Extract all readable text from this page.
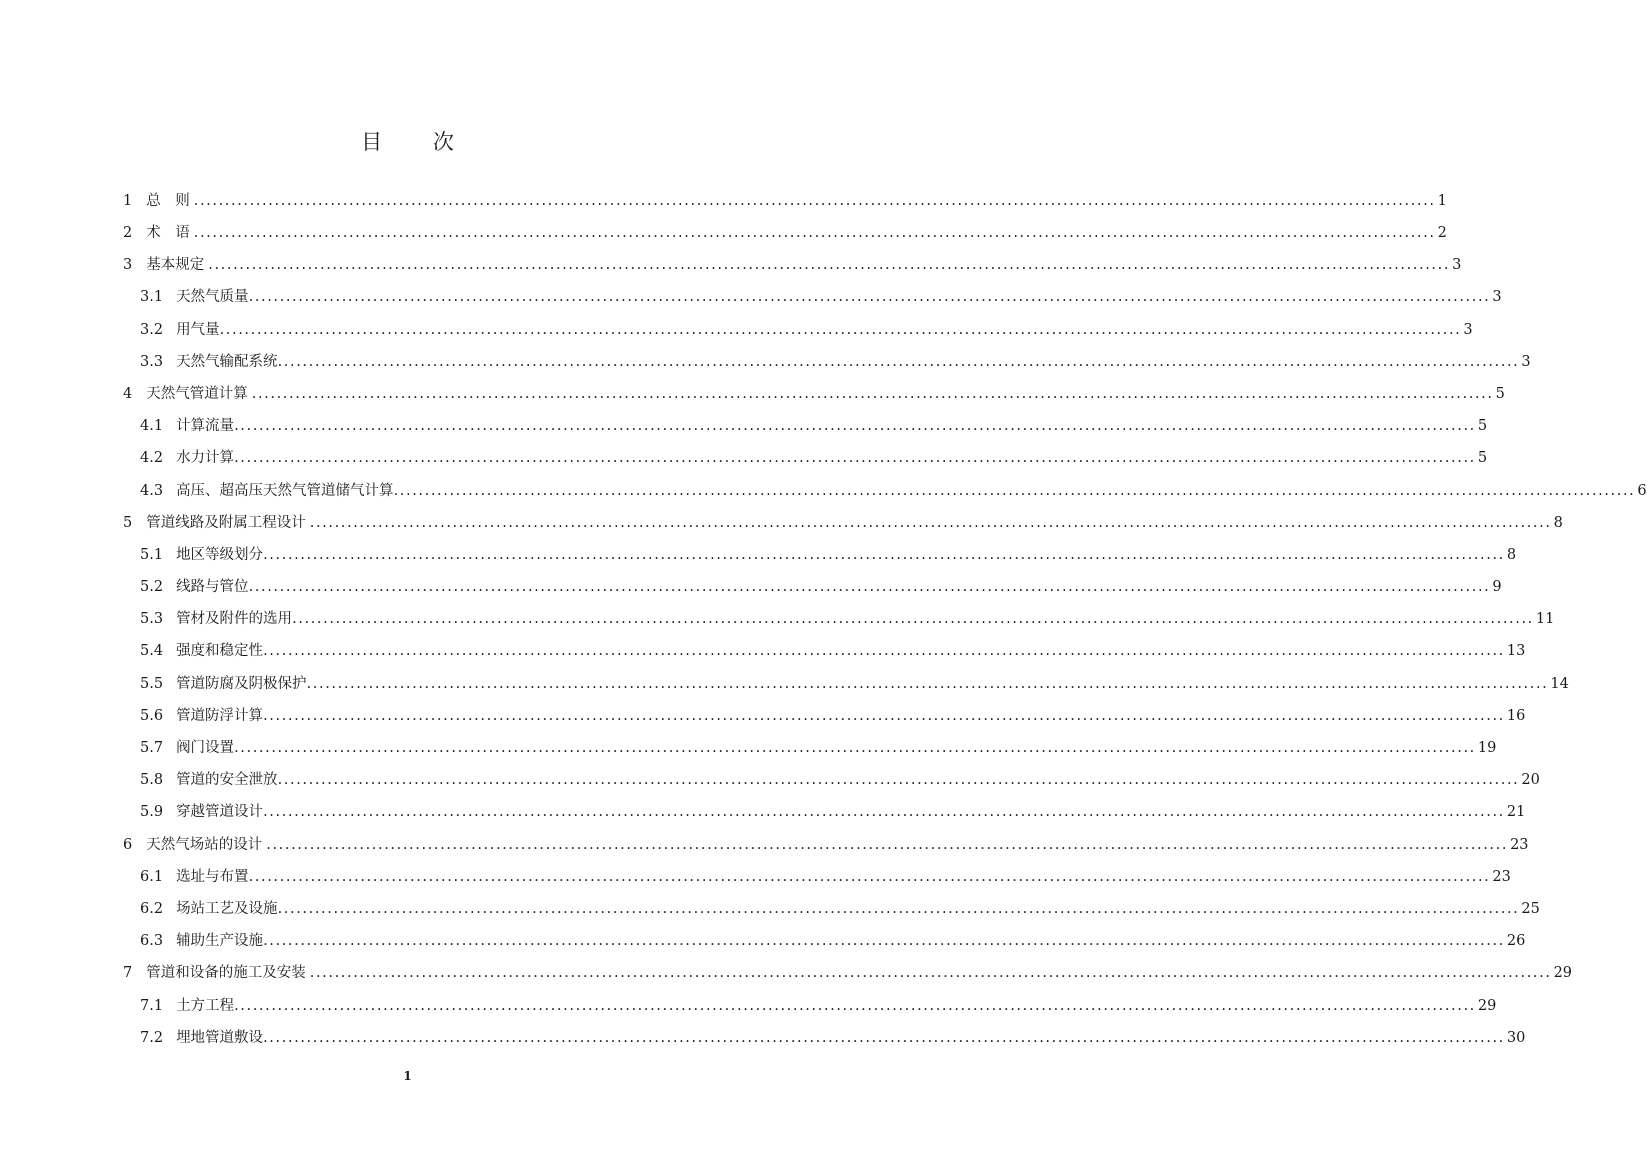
目 次
1 总　则 ........................................................................................................................................................................................................ 1
2 术　语 ........................................................................................................................................................................................................ 2
3 基本规定 ........................................................................................................................................................................................................ 3
3.1 天然气质量 ........................................................................................................................................................................................................ 3
3.2 用气量 ........................................................................................................................................................................................................ 3
3.3 天然气输配系统 ........................................................................................................................................................................................................ 3
4 天然气管道计算 ........................................................................................................................................................................................................ 5
4.1 计算流量 ........................................................................................................................................................................................................ 5
4.2 水力计算 ........................................................................................................................................................................................................ 5
4.3 高压、超高压天然气管道储气计算 ........................................................................................................................................................................................................ 6
5 管道线路及附属工程设计 ........................................................................................................................................................................................................ 8
5.1 地区等级划分 ........................................................................................................................................................................................................ 8
5.2 线路与管位 ........................................................................................................................................................................................................ 9
5.3 管材及附件的选用 ........................................................................................................................................................................................................ 11
5.4 强度和稳定性 ........................................................................................................................................................................................................ 13
5.5 管道防腐及阴极保护 ........................................................................................................................................................................................................ 14
5.6 管道防浮计算 ........................................................................................................................................................................................................ 16
5.7 阀门设置 ........................................................................................................................................................................................................ 19
5.8 管道的安全泄放 ........................................................................................................................................................................................................ 20
5.9 穿越管道设计 ........................................................................................................................................................................................................ 21
6 天然气场站的设计 ........................................................................................................................................................................................................ 23
6.1 选址与布置 ........................................................................................................................................................................................................ 23
6.2 场站工艺及设施 ........................................................................................................................................................................................................ 25
6.3 辅助生产设施 ........................................................................................................................................................................................................ 26
7 管道和设备的施工及安装 ........................................................................................................................................................................................................ 29
7.1 土方工程 ........................................................................................................................................................................................................ 29
7.2 埋地管道敷设 ........................................................................................................................................................................................................ 30
1
